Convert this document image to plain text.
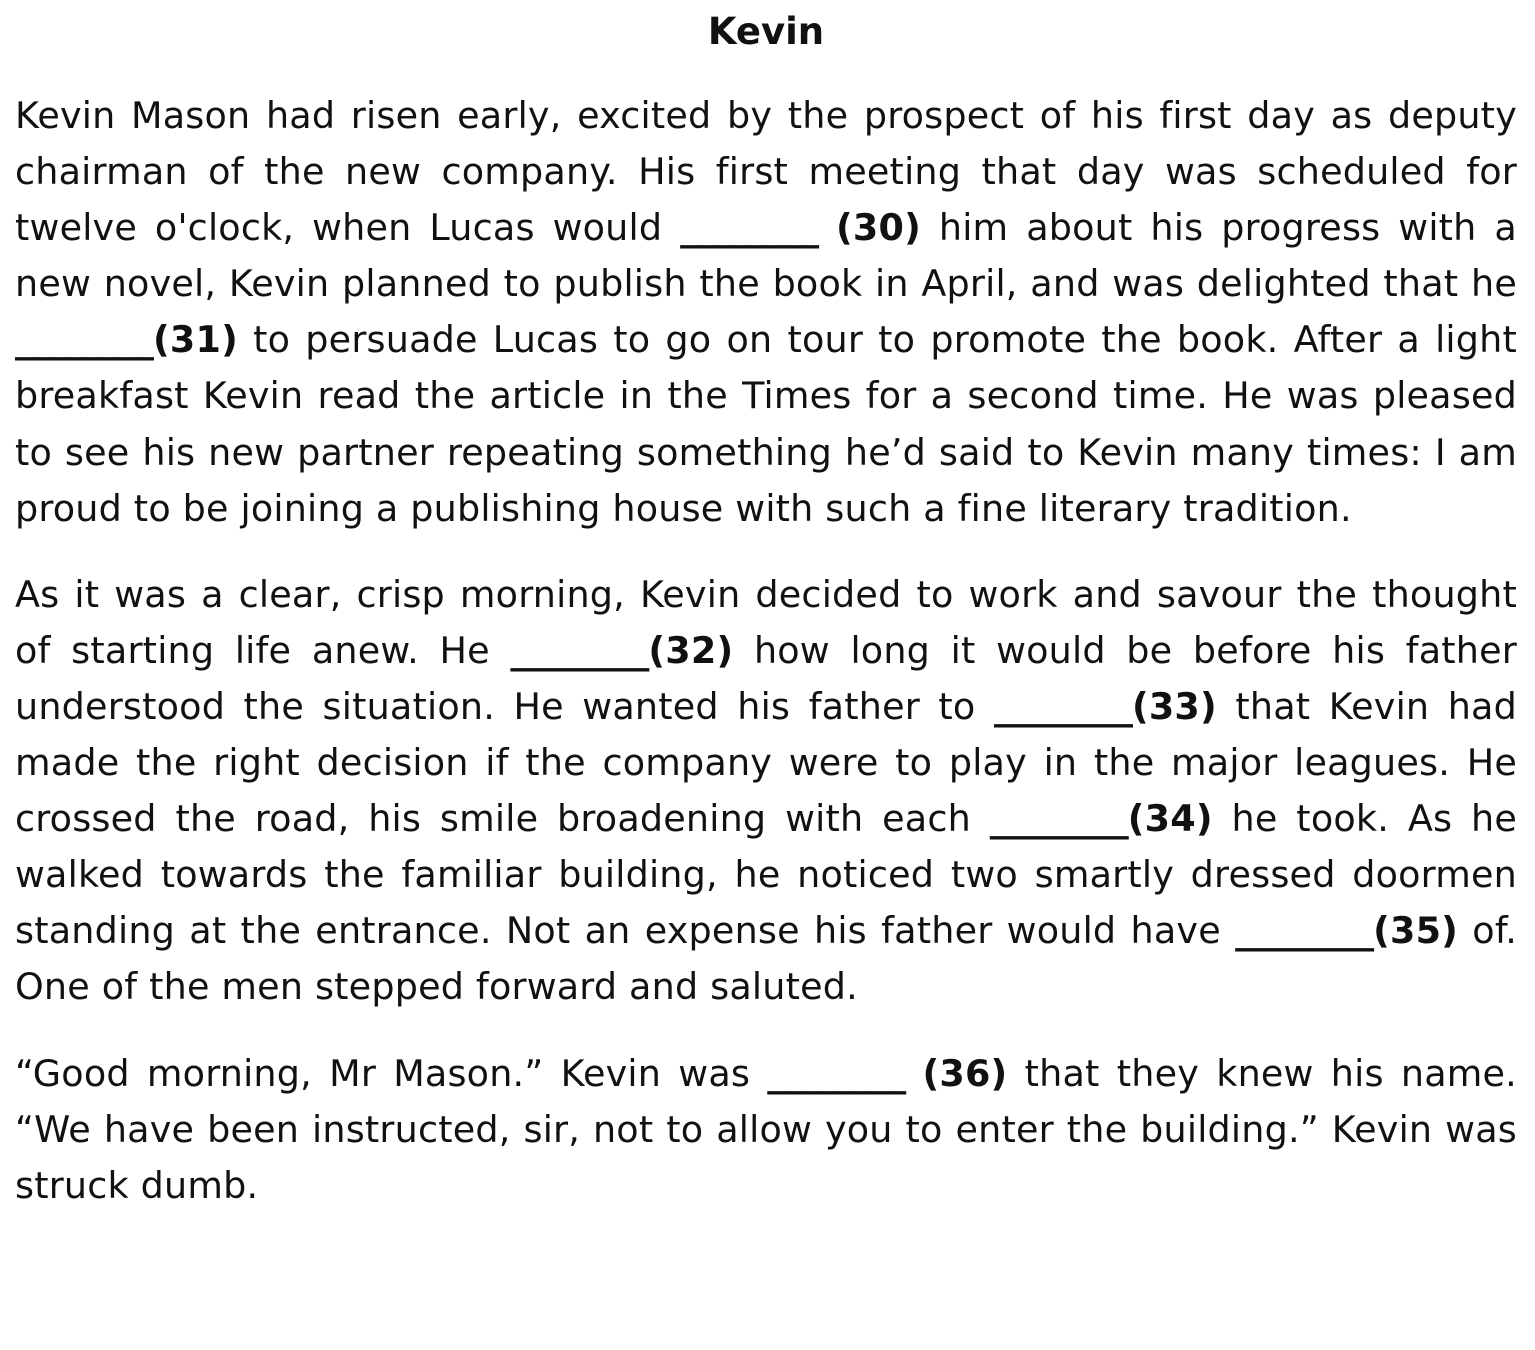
Kevin

Kevin Mason had risen early, excited by the prospect of his first day as deputy chairman of the new company. His first meeting that day was scheduled for twelve o'clock, when Lucas would ________ (30) him about his progress with a new novel, Kevin planned to publish the book in April, and was delighted that he ________(31) to persuade Lucas to go on tour to promote the book. After a light breakfast Kevin read the article in the Times for a second time. He was pleased to see his new partner repeating something he’d said to Kevin many times: I am proud to be joining a publishing house with such a fine literary tradition.

As it was a clear, crisp morning, Kevin decided to work and savour the thought of starting life anew. He ________(32) how long it would be before his father understood the situation. He wanted his father to ________(33) that Kevin had made the right decision if the company were to play in the major leagues. He crossed the road, his smile broadening with each ________(34) he took. As he walked towards the familiar building, he noticed two smartly dressed doormen standing at the entrance. Not an expense his father would have ________(35) of. One of the men stepped forward and saluted.

“Good morning, Mr Mason.” Kevin was ________ (36) that they knew his name. “We have been instructed, sir, not to allow you to enter the building.” Kevin was struck dumb.
